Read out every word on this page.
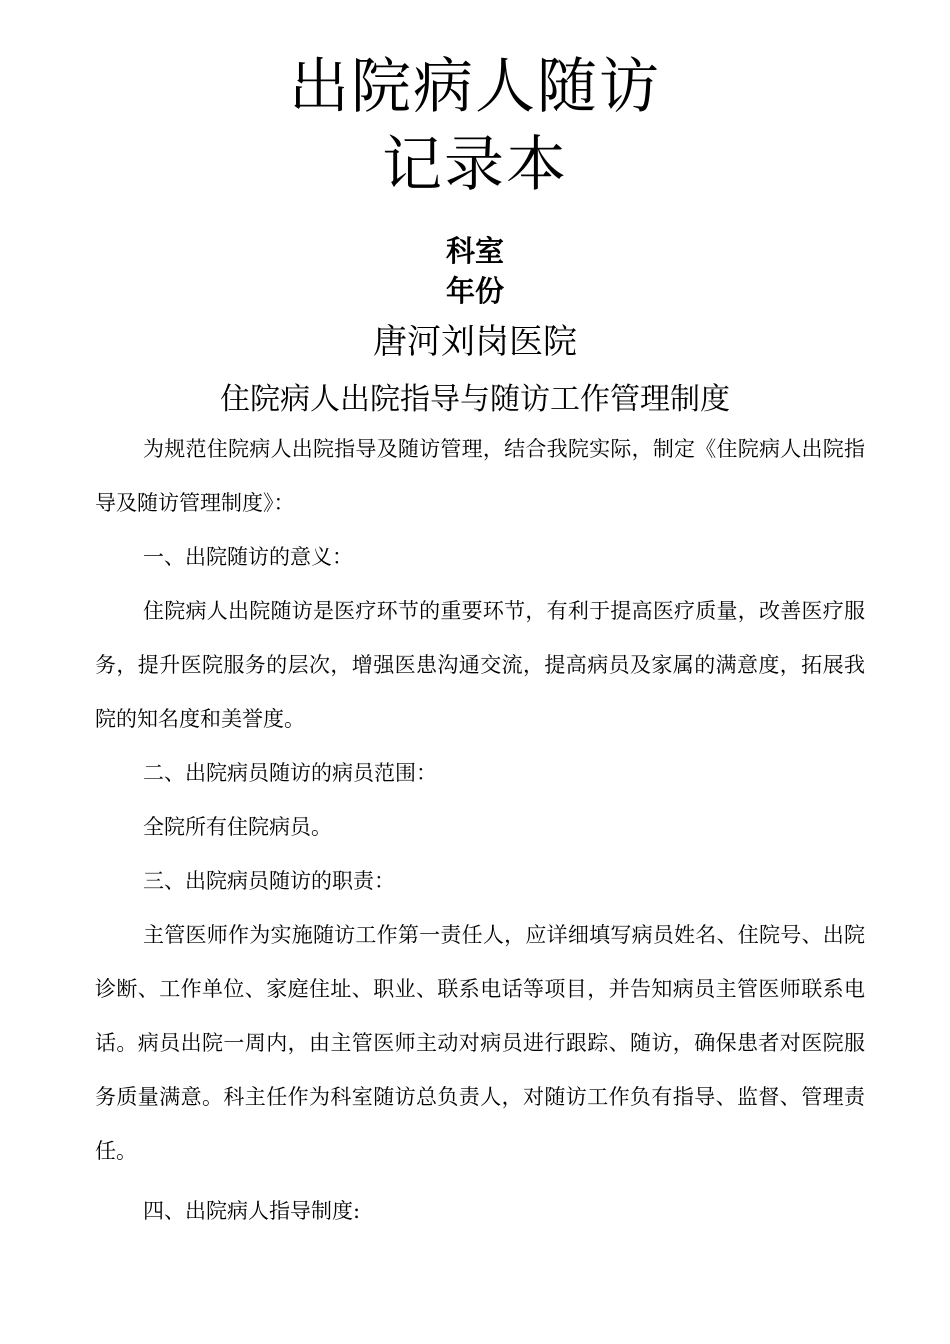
出院病人随访
记录本
科室
年份
唐河刘岗医院
住院病人出院指导与随访工作管理制度

为规范住院病人出院指导及随访管理，结合我院实际，制定《住院病人出院指导及随访管理制度》：

一、出院随访的意义：

住院病人出院随访是医疗环节的重要环节，有利于提高医疗质量，改善医疗服务，提升医院服务的层次，增强医患沟通交流，提高病员及家属的满意度，拓展我院的知名度和美誉度。

二、出院病员随访的病员范围：

全院所有住院病员。

三、出院病员随访的职责：

主管医师作为实施随访工作第一责任人，应详细填写病员姓名、住院号、出院诊断、工作单位、家庭住址、职业、联系电话等项目，并告知病员主管医师联系电话。病员出院一周内，由主管医师主动对病员进行跟踪、随访，确保患者对医院服务质量满意。科主任作为科室随访总负责人，对随访工作负有指导、监督、管理责任。

四、出院病人指导制度:
